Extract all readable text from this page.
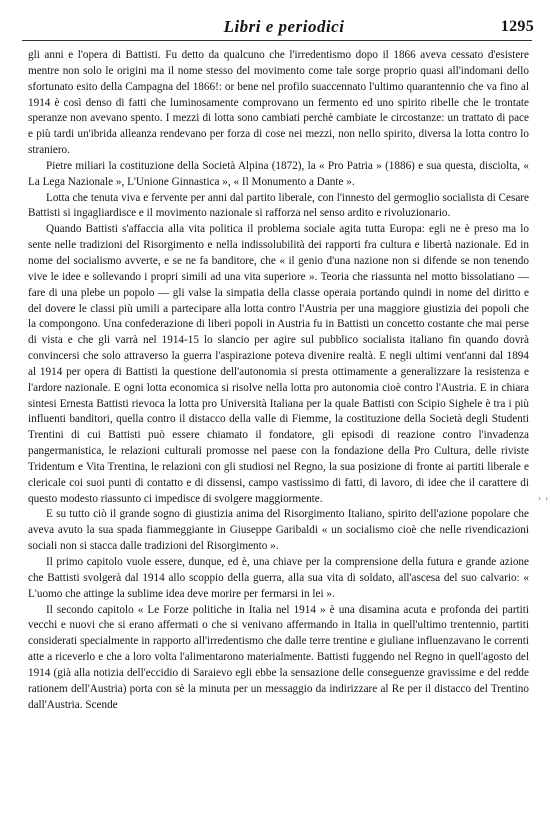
Libri e periodici	1295

gli anni e l'opera di Battisti. Fu detto da qualcuno che l'irredentismo dopo il 1866 aveva cessato d'esistere mentre non solo le origini ma il nome stesso del movimento come tale sorge proprio quasi all'indomani dello sfortunato esito della Campagna del 1866!: or bene nel profilo suaccennato l'ultimo quarantennio che va fino al 1914 è così denso di fatti che luminosamente comprovano un fermento ed uno spirito ribelle che le trontate speranze non avevano spento. I mezzi di lotta sono cambiati perchè cambiate le circostanze: un trattato di pace e più tardi un'ibrida alleanza rendevano per forza di cose nei mezzi, non nello spirito, diversa la lotta contro lo straniero.

Pietre miliari la costituzione della Società Alpina (1872), la « Pro Patria » (1886) e sua questa, disciolta, « La Lega Nazionale », L'Unione Ginnastica », « Il Monumento a Dante ».

Lotta che tenuta viva e fervente per anni dal partito liberale, con l'innesto del germoglio socialista di Cesare Battisti si ingagliardisce e il movimento nazionale si rafforza nel senso ardito e rivoluzionario.

Quando Battisti s'affaccia alla vita politica il problema sociale agita tutta Europa: egli ne è preso ma lo sente nelle tradizioni del Risorgimento e nella indissolubilità dei rapporti fra cultura e libertà nazionale. Ed in nome del socialismo avverte, e se ne fa banditore, che « il genio d'una nazione non si difende se non tenendo vive le idee e sollevando i propri simili ad una vita superiore ». Teoria che riassunta nel motto bissolatiano — fare di una plebe un popolo — gli valse la simpatia della classe operaia portando quindi in nome del diritto e del dovere le classi più umili a partecipare alla lotta contro l'Austria per una maggiore giustizia dei popoli che la compongono. Una confederazione di liberi popoli in Austria fu in Battisti un concetto costante che mai perse di vista e che gli varrà nel 1914-15 lo slancio per agire sul pubblico socialista italiano fin quando dovrà convincersi che solo attraverso la guerra l'aspirazione poteva divenire realtà. E negli ultimi vent'anni dal 1894 al 1914 per opera di Battisti la questione dell'autonomia si presta ottimamente a generalizzare la resistenza e l'ardore nazionale. E ogni lotta economica si risolve nella lotta pro autonomia cioè contro l'Austria. E in chiara sintesi Ernesta Battisti rievoca la lotta pro Università Italiana per la quale Battisti con Scipio Sighele è tra i più influenti banditori, quella contro il distacco della valle di Fiemme, la costituzione della Società degli Studenti Trentini di cui Battisti può essere chiamato il fondatore, gli episodi di reazione contro l'invadenza pangermanistica, le relazioni culturali promosse nel paese con la fondazione della Pro Cultura, delle riviste Tridentum e Vita Trentina, le relazioni con gli studiosi nel Regno, la sua posizione di fronte ai partiti liberale e clericale coi suoi punti di contatto e di dissensi, campo vastissimo di fatti, di lavoro, di idee che il carattere di questo modesto riassunto ci impedisce di svolgere maggiormente.

E su tutto ciò il grande sogno di giustizia anima del Risorgimento Italiano, spirito dell'azione popolare che aveva avuto la sua spada fiammeggiante in Giuseppe Garibaldi « un socialismo cioè che nelle rivendicazioni sociali non si stacca dalle tradizioni del Risorgimento ».

Il primo capitolo vuole essere, dunque, ed è, una chiave per la comprensione della futura e grande azione che Battisti svolgerà dal 1914 allo scoppio della guerra, alla sua vita di soldato, all'ascesa del suo calvario: « L'uomo che attinge la sublime idea deve morire per fermarsi in lei ».

Il secondo capitolo « Le Forze politiche in Italia nel 1914 » è una disamina acuta e profonda dei partiti vecchi e nuovi che si erano affermati o che si venivano affermando in Italia in quell'ultimo trentennio, partiti considerati specialmente in rapporto all'irredentismo che dalle terre trentine e giuliane influenzavano le correnti atte a riceverlo e che a loro volta l'alimentarono materialmente. Battisti fuggendo nel Regno in quell'agosto del 1914 (già alla notizia dell'eccidio di Saraievo egli ebbe la sensazione delle conseguenze gravissime e del redde rationem dell'Austria) porta con sè la minuta per un messaggio da indirizzare al Re per il distacco del Trentino dall'Austria. Scende

› ›
